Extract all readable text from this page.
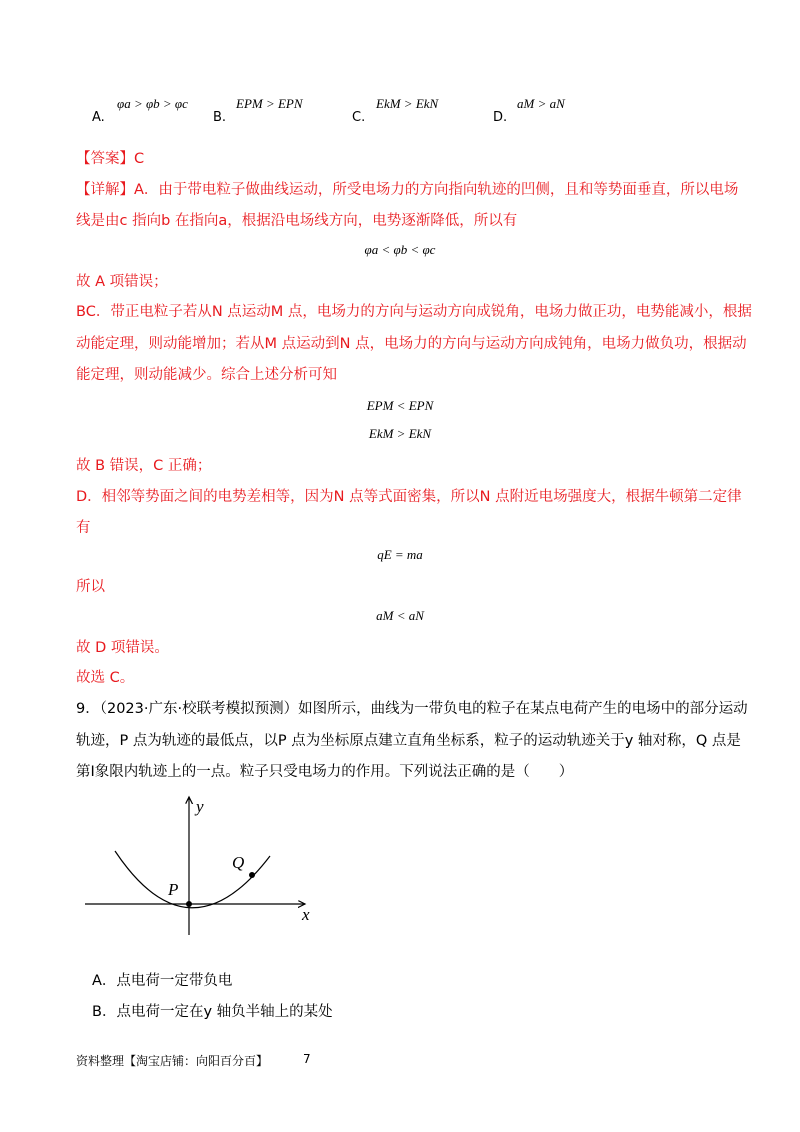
A.
φa > φb > φc
B.
EPM > EPN
C.
EkM > EkN
D.
aM > aN
【答案】C
【详解】A．由于带电粒子做曲线运动，所受电场力的方向指向轨迹的凹侧，且和等势面垂直，所以电场
线是由c 指向b 在指向a，根据沿电场线方向，电势逐渐降低，所以有
φa < φb < φc
故 A 项错误；
BC．带正电粒子若从N 点运动M 点，电场力的方向与运动方向成锐角，电场力做正功，电势能减小，根据
动能定理，则动能增加；若从M 点运动到N 点，电场力的方向与运动方向成钝角，电场力做负功，根据动
能定理，则动能减少。综合上述分析可知
EPM < EPN
EkM > EkN
故 B 错误，C 正确；
D．相邻等势面之间的电势差相等，因为N 点等式面密集，所以N 点附近电场强度大，根据牛顿第二定律
有
qE = ma
所以
aM < aN
故 D 项错误。
故选 C。
9．（2023·广东·校联考模拟预测）如图所示，曲线为一带负电的粒子在某点电荷产生的电场中的部分运动
轨迹，P 点为轨迹的最低点，以P 点为坐标原点建立直角坐标系，粒子的运动轨迹关于y 轴对称，Q 点是
第Ⅰ象限内轨迹上的一点。粒子只受电场力的作用。下列说法正确的是（　　）
y
x
P
Q
A．点电荷一定带负电
B．点电荷一定在y 轴负半轴上的某处
资料整理【淘宝店铺：向阳百分百】	7
